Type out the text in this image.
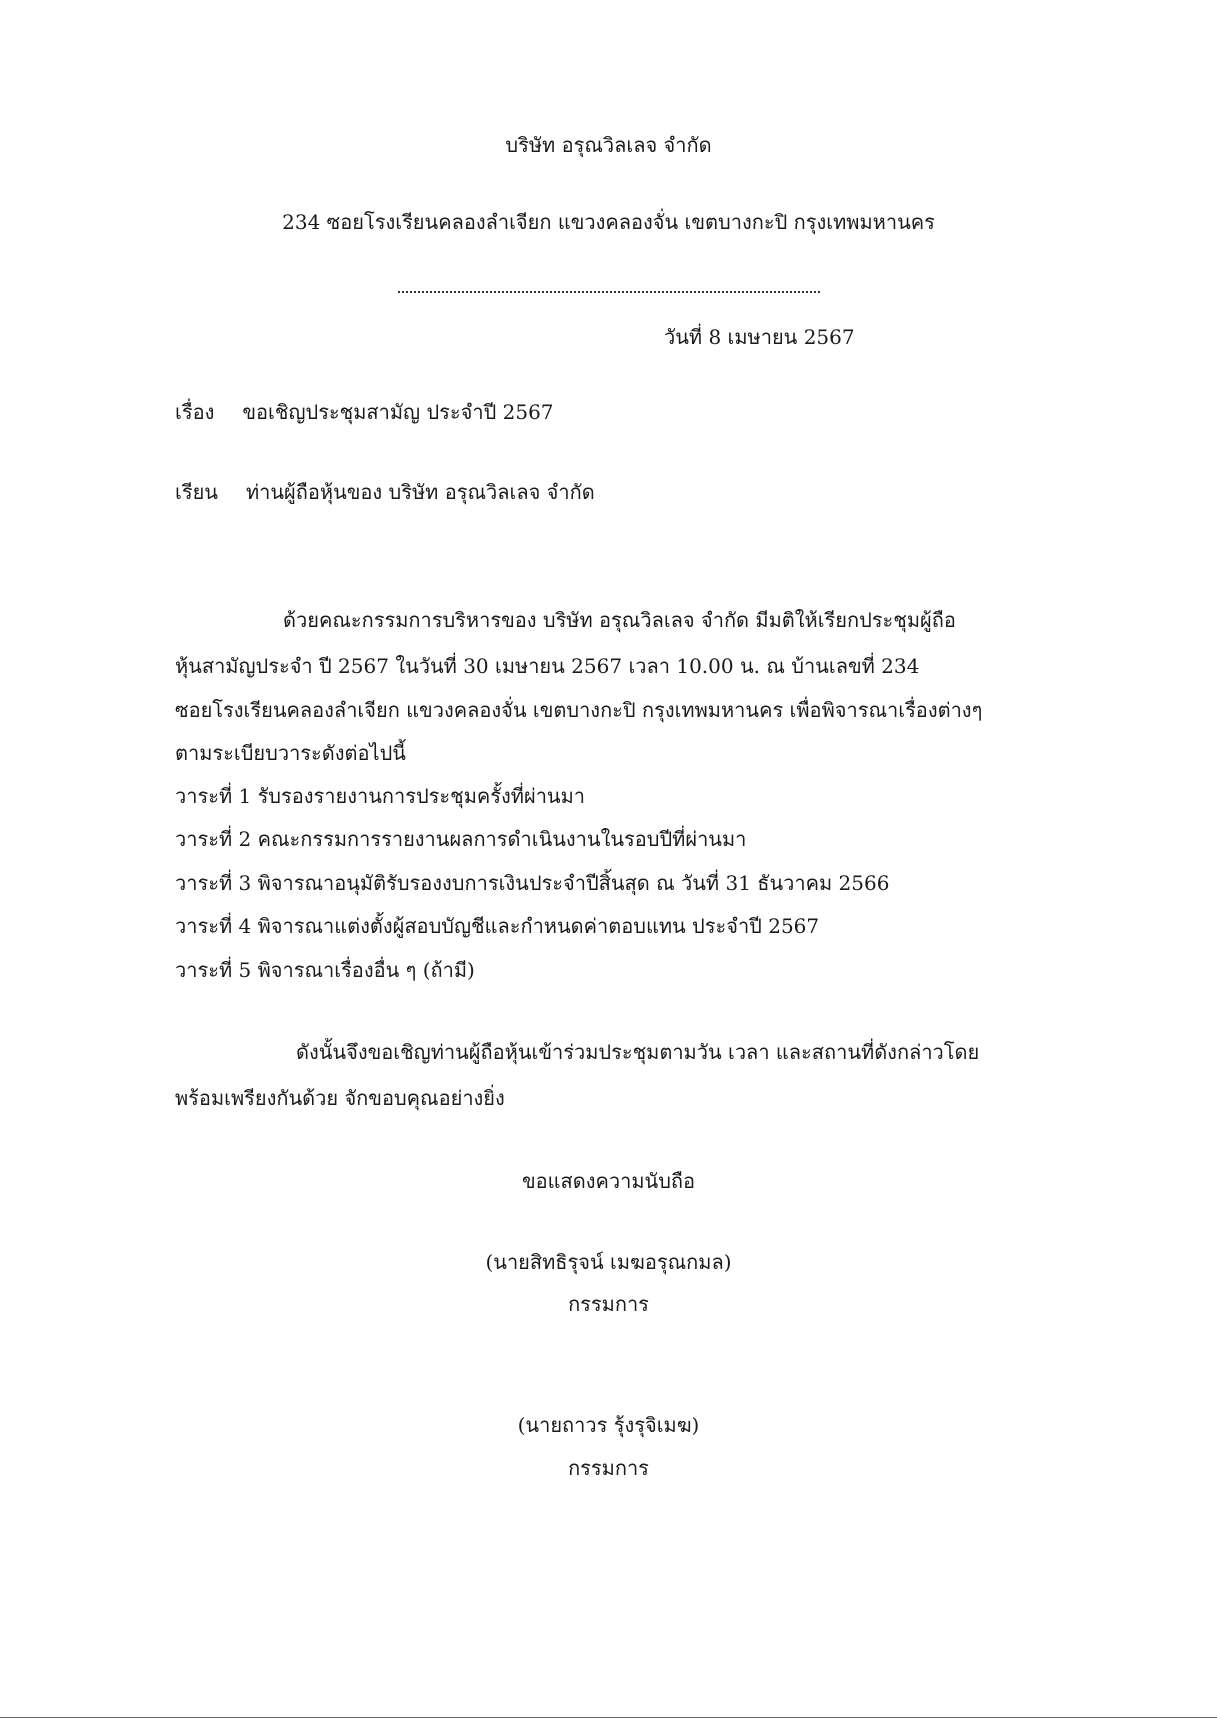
บริษัท อรุณวิลเลจ จำกัด
234 ซอยโรงเรียนคลองลำเจียก แขวงคลองจั่น เขตบางกะปิ กรุงเทพมหานคร
วันที่ 8 เมษายน 2567
เรื่อง ขอเชิญประชุมสามัญ ประจำปี 2567
เรียน ท่านผู้ถือหุ้นของ บริษัท อรุณวิลเลจ จำกัด
ด้วยคณะกรรมการบริหารของ บริษัท อรุณวิลเลจ จำกัด มีมติให้เรียกประชุมผู้ถือ
หุ้นสามัญประจำ ปี 2567 ในวันที่ 30 เมษายน 2567 เวลา 10.00 น. ณ บ้านเลขที่ 234
ซอยโรงเรียนคลองลำเจียก แขวงคลองจั่น เขตบางกะปิ กรุงเทพมหานคร เพื่อพิจารณาเรื่องต่างๆ
ตามระเบียบวาระดังต่อไปนี้
วาระที่ 1 รับรองรายงานการประชุมครั้งที่ผ่านมา
วาระที่ 2 คณะกรรมการรายงานผลการดำเนินงานในรอบปีที่ผ่านมา
วาระที่ 3 พิจารณาอนุมัติรับรองงบการเงินประจำปีสิ้นสุด ณ วันที่ 31 ธันวาคม 2566
วาระที่ 4 พิจารณาแต่งตั้งผู้สอบบัญชีและกำหนดค่าตอบแทน ประจำปี 2567
วาระที่ 5 พิจารณาเรื่องอื่น ๆ (ถ้ามี)
ดังนั้นจึงขอเชิญท่านผู้ถือหุ้นเข้าร่วมประชุมตามวัน เวลา และสถานที่ดังกล่าวโดย
พร้อมเพรียงกันด้วย จักขอบคุณอย่างยิ่ง
ขอแสดงความนับถือ
(นายสิทธิรุจน์ เมฆอรุณกมล)
กรรมการ
(นายถาวร รุ้งรุจิเมฆ)
กรรมการ
